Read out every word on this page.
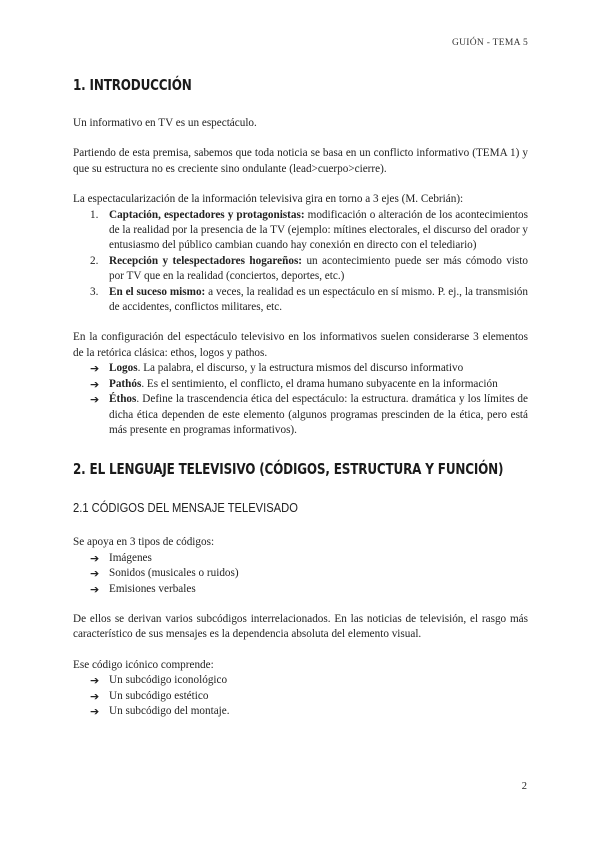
GUIÓN - TEMA 5
1. INTRODUCCIÓN

Un informativo en TV es un espectáculo.

Partiendo de esta premisa, sabemos que toda noticia se basa en un conflicto informativo (TEMA 1) y que su estructura no es creciente sino ondulante (lead>cuerpo>cierre).

La espectacularización de la información televisiva gira en torno a 3 ejes (M. Cebrián):

1. Captación, espectadores y protagonistas: modificación o alteración de los acontecimientos de la realidad por la presencia de la TV (ejemplo: mítines electorales, el discurso del orador y entusiasmo del público cambian cuando hay conexión en directo con el telediario)
2. Recepción y telespectadores hogareños: un acontecimiento puede ser más cómodo visto por TV que en la realidad (conciertos, deportes, etc.)
3. En el suceso mismo: a veces, la realidad es un espectáculo en sí mismo. P. ej., la transmisión de accidentes, conflictos militares, etc.

En la configuración del espectáculo televisivo en los informativos suelen considerarse 3 elementos de la retórica clásica: ethos, logos y pathos.

➔ Logos. La palabra, el discurso, y la estructura mismos del discurso informativo
➔ Pathós. Es el sentimiento, el conflicto, el drama humano subyacente en la información
➔ Éthos. Define la trascendencia ética del espectáculo: la estructura. dramática y los límites de dicha ética dependen de este elemento (algunos programas prescinden de la ética, pero está más presente en programas informativos).
2. EL LENGUAJE TELEVISIVO (CÓDIGOS, ESTRUCTURA Y FUNCIÓN)
2.1 CÓDIGOS DEL MENSAJE TELEVISADO

Se apoya en 3 tipos de códigos:

➔ Imágenes
➔ Sonidos (musicales o ruidos)
➔ Emisiones verbales

De ellos se derivan varios subcódigos interrelacionados. En las noticias de televisión, el rasgo más característico de sus mensajes es la dependencia absoluta del elemento visual.

Ese código icónico comprende:

➔ Un subcódigo iconológico
➔ Un subcódigo estético
➔ Un subcódigo del montaje.
2
